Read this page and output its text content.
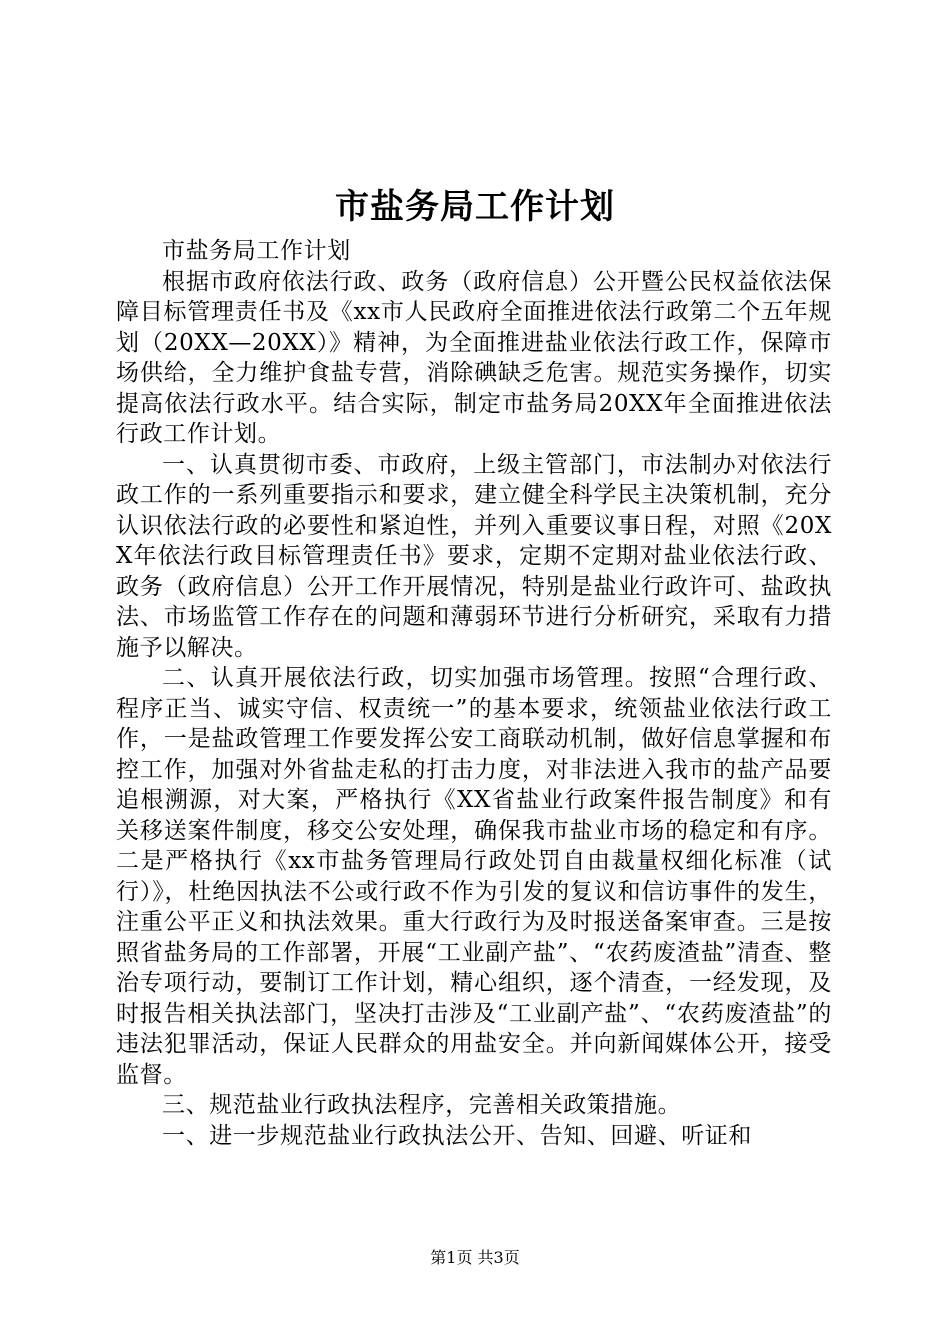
市盐务局工作计划

市盐务局工作计划

根据市政府依法行政、政务（政府信息）公开暨公民权益依法保障目标管理责任书及《xx市人民政府全面推进依法行政第二个五年规划（20XX—20XX）》精神，为全面推进盐业依法行政工作，保障市场供给，全力维护食盐专营，消除碘缺乏危害。规范实务操作，切实提高依法行政水平。结合实际，制定市盐务局20XX年全面推进依法行政工作计划。

一、认真贯彻市委、市政府，上级主管部门，市法制办对依法行政工作的一系列重要指示和要求，建立健全科学民主决策机制，充分认识依法行政的必要性和紧迫性，并列入重要议事日程，对照《20XX年依法行政目标管理责任书》要求，定期不定期对盐业依法行政、政务（政府信息）公开工作开展情况，特别是盐业行政许可、盐政执法、市场监管工作存在的问题和薄弱环节进行分析研究，采取有力措施予以解决。

二、认真开展依法行政，切实加强市场管理。按照“合理行政、程序正当、诚实守信、权责统一”的基本要求，统领盐业依法行政工作，一是盐政管理工作要发挥公安工商联动机制，做好信息掌握和布控工作，加强对外省盐走私的打击力度，对非法进入我市的盐产品要追根溯源，对大案，严格执行《XX省盐业行政案件报告制度》和有关移送案件制度，移交公安处理，确保我市盐业市场的稳定和有序。二是严格执行《xx市盐务管理局行政处罚自由裁量权细化标准（试行）》，杜绝因执法不公或行政不作为引发的复议和信访事件的发生，注重公平正义和执法效果。重大行政行为及时报送备案审查。三是按照省盐务局的工作部署，开展“工业副产盐”、“农药废渣盐”清查、整治专项行动，要制订工作计划，精心组织，逐个清查，一经发现，及时报告相关执法部门，坚决打击涉及“工业副产盐”、“农药废渣盐”的违法犯罪活动，保证人民群众的用盐安全。并向新闻媒体公开，接受监督。

三、规范盐业行政执法程序，完善相关政策措施。

一、进一步规范盐业行政执法公开、告知、回避、听证和

第1页 共3页
